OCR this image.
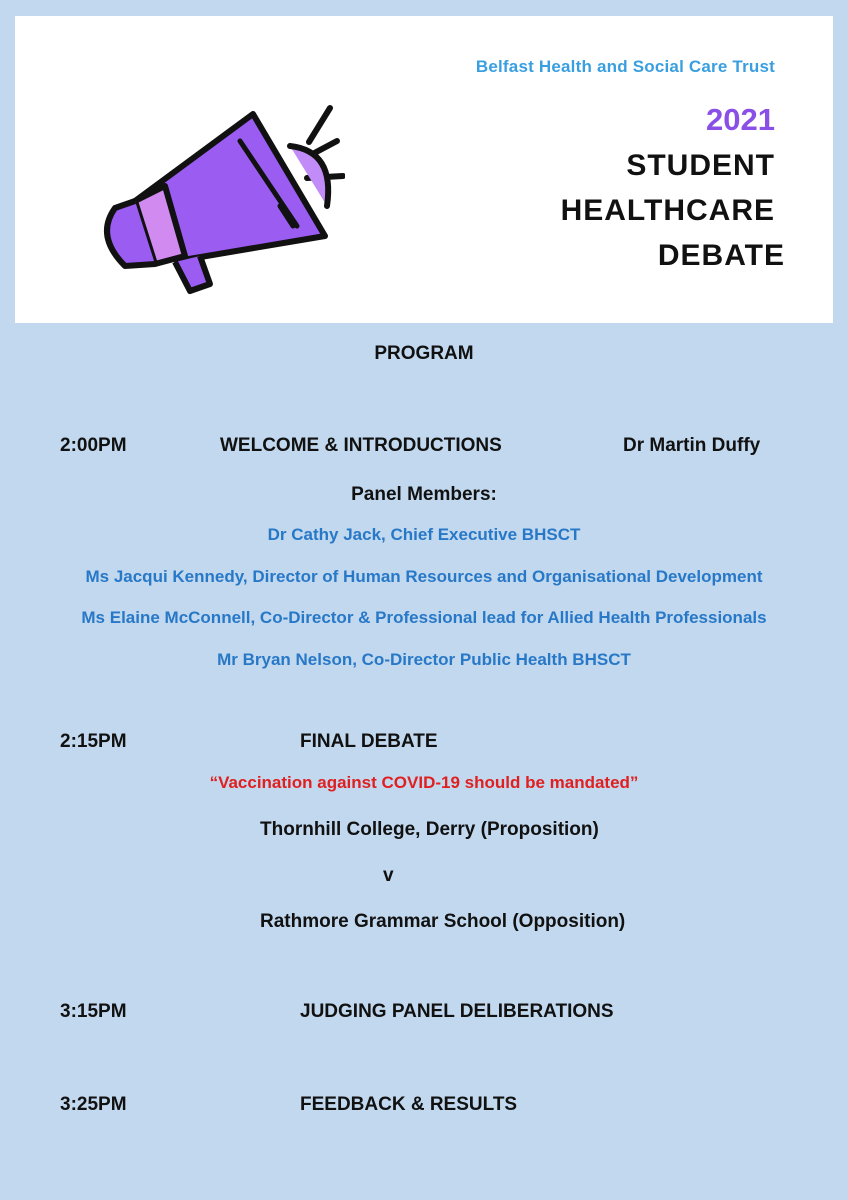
Belfast Health and Social Care Trust
2021
STUDENT
HEALTHCARE
DEBATE
PROGRAM
2:00PM	WELCOME & INTRODUCTIONS	Dr Martin Duffy
Panel Members:
Dr Cathy Jack, Chief Executive BHSCT
Ms Jacqui Kennedy, Director of Human Resources and Organisational Development
Ms Elaine McConnell, Co-Director & Professional lead for Allied Health Professionals
Mr Bryan Nelson, Co-Director Public Health BHSCT
2:15PM	FINAL DEBATE
“Vaccination against COVID-19 should be mandated”
Thornhill College, Derry (Proposition)
v
Rathmore Grammar School (Opposition)
3:15PM	JUDGING PANEL DELIBERATIONS
3:25PM	FEEDBACK & RESULTS
